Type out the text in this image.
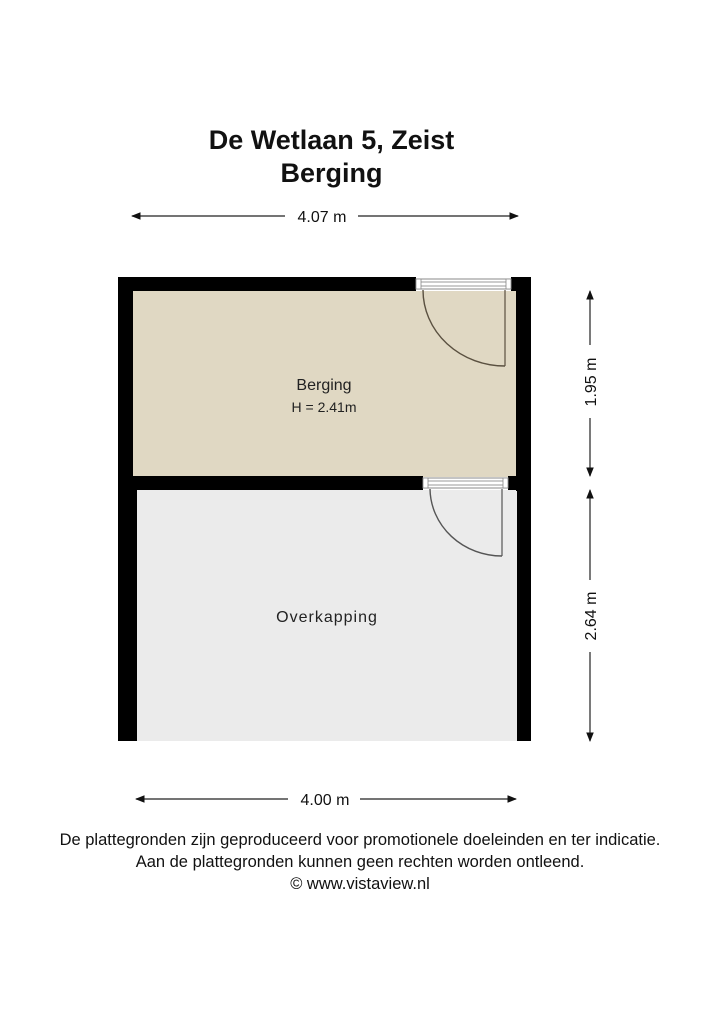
De Wetlaan 5, Zeist
Berging
4.07 m
4.00 m
1.95 m
2.64 m
Berging
H = 2.41m
Overkapping
De plattegronden zijn geproduceerd voor promotionele doeleinden en ter indicatie.
Aan de plattegronden kunnen geen rechten worden ontleend.
© www.vistaview.nl
